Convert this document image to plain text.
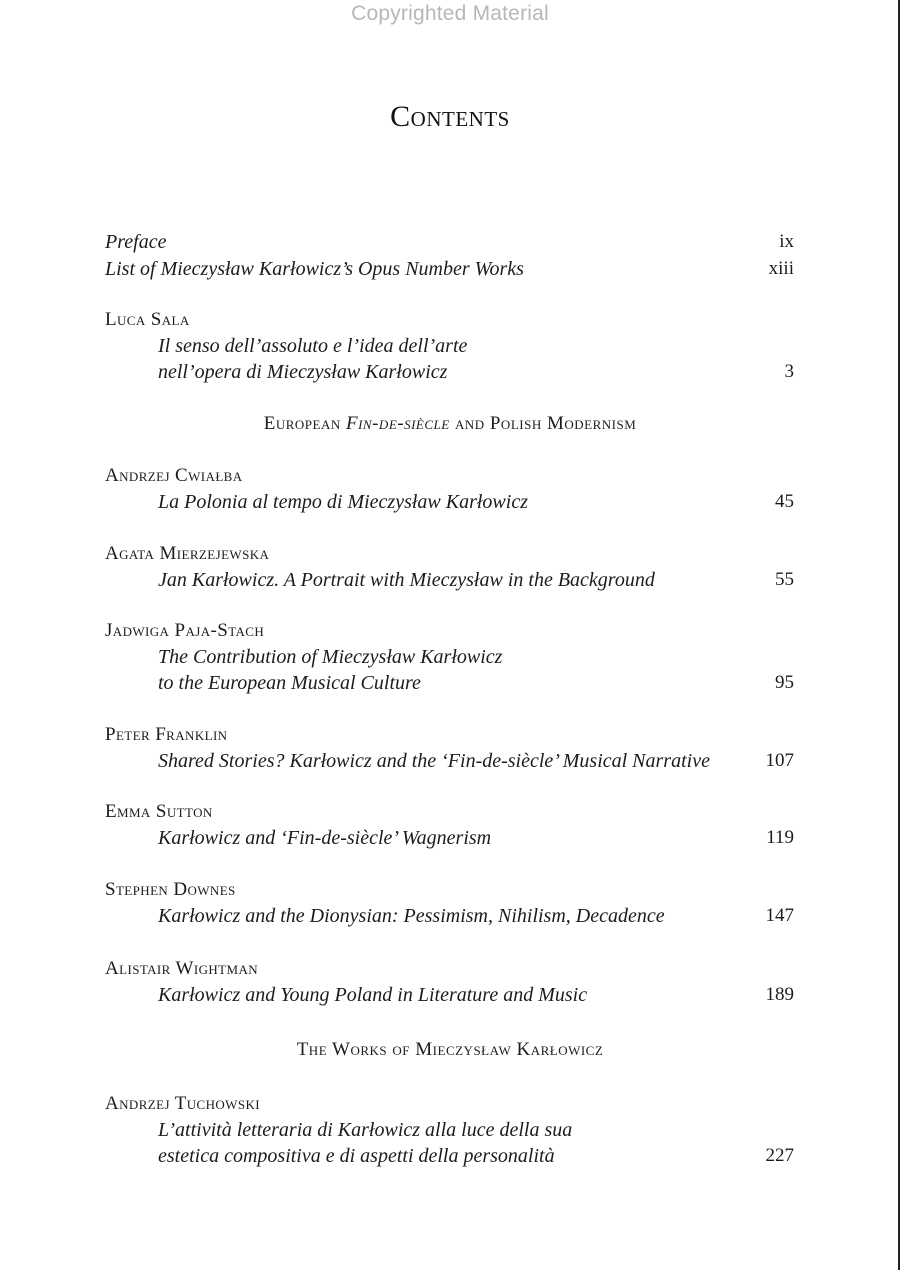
Copyrighted Material
Contents
Preface	ix
List of Mieczysław Karłowicz’s Opus Number Works	xiii
Luca Sala
Il senso dell’assoluto e l’idea dell’arte
nell’opera di Mieczysław Karłowicz	3
European Fin-de-siècle and Polish Modernism
Andrzej Cwiałba
La Polonia al tempo di Mieczysław Karłowicz	45
Agata Mierzejewska
Jan Karłowicz. A Portrait with Mieczysław in the Background	55
Jadwiga Paja-Stach
The Contribution of Mieczysław Karłowicz
to the European Musical Culture	95
Peter Franklin
Shared Stories? Karłowicz and the ‘Fin-de-siècle’ Musical Narrative	107
Emma Sutton
Karłowicz and ‘Fin-de-siècle’ Wagnerism	119
Stephen Downes
Karłowicz and the Dionysian: Pessimism, Nihilism, Decadence	147
Alistair Wightman
Karłowicz and Young Poland in Literature and Music	189
The Works of Mieczysław Karłowicz
Andrzej Tuchowski
L’attività letteraria di Karłowicz alla luce della sua
estetica compositiva e di aspetti della personalità	227
